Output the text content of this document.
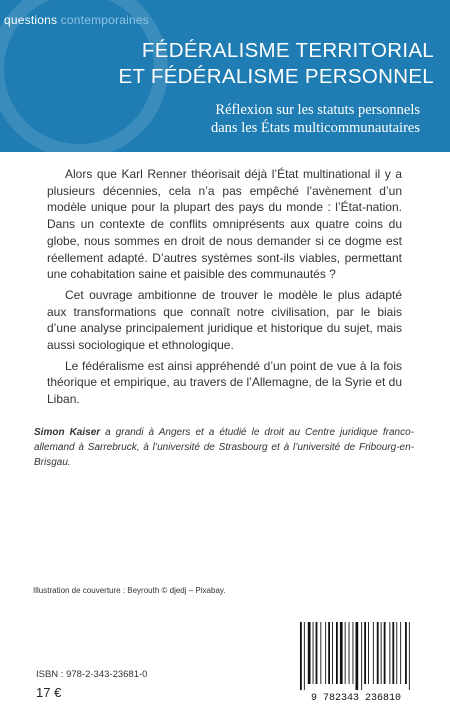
questions contemporaines
FÉDÉRALISME TERRITORIAL
ET FÉDÉRALISME PERSONNEL
Réflexion sur les statuts personnels
dans les États multicommunautaires

Alors que Karl Renner théorisait déjà l’État multinational il y a plusieurs décennies, cela n’a pas empêché l’avènement d’un modèle unique pour la plupart des pays du monde : l’État-nation. Dans un contexte de conflits omniprésents aux quatre coins du globe, nous sommes en droit de nous demander si ce dogme est réellement adapté. D’autres systèmes sont-ils viables, permettant une cohabitation saine et paisible des communautés ?

Cet ouvrage ambitionne de trouver le modèle le plus adapté aux transformations que connaît notre civilisation, par le biais d’une analyse principalement juridique et historique du sujet, mais aussi sociologique et ethnologique.

Le fédéralisme est ainsi appréhendé d’un point de vue à la fois théorique et empirique, au travers de l’Allemagne, de la Syrie et du Liban.

Simon Kaiser a grandi à Angers et a étudié le droit au Centre juridique franco-allemand à Sarrebruck, à l’université de Strasbourg et à l’université de Fribourg-en-Brisgau.
Illustration de couverture : Beyrouth © djedj – Pixabay.
ISBN : 978-2-343-23681-0
17 €	9 782343 236810
